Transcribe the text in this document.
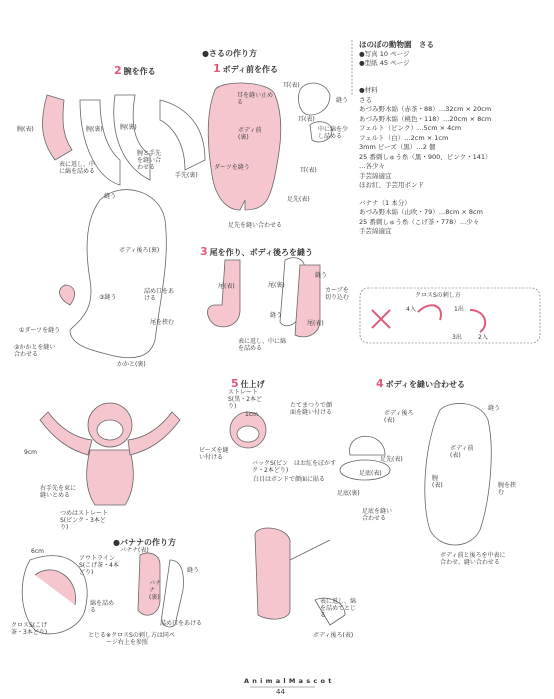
●さるの作り方
2 腕を作る	1 ボディ前を作る
3 尾を作り、ボディ後ろを縫う
4 ボディを縫い合わせる
5 仕上げ
ほのぼの動物園　さる
●写真 10 ページ
●型紙 45 ページ
●材料
さる
あづみ野木綿（赤茶・88）…32cm × 20cm
あづみ野木綿（桃色・118）…20cm × 8cm
フェルト（ピンク）…5cm × 4cm
フェルト（白）…2cm × 1cm
3mm ビーズ（黒）…2 個
25 番刺しゅう糸（黒・900、ピンク・141）
…各少々
手芸綿適宜
ほお紅、手芸用ボンド
バナナ（1 本分）
あづみ野木綿（山吹・79）…8cm × 8cm
25 番刺しゅう糸（こげ茶・778）…少々
手芸綿適宜
クロスSの刺し方
4入	1出
3出	2入
耳(表)
耳を縫い止める	縫う
耳(表)
中に綿を少し詰める
耳(表)
ボディ前(裏)
ダーツを縫う
足先(表)
足先を縫い合わせる
腕(表)	腕(裏)	腕(裏)
腕と手先を縫い合わせる
手先(裏)
縫う
表に返し、中に綿を詰める
ボディ後ろ(裏)
詰め口をあける
③縫う
尾を挟む
①ダーツを縫う
②かかとを縫い合わせる
かかと(裏)
尾(表)	尾(裏)
縫う
縫う
カーブを切り込む
尾(表)
表に返し、中に綿を詰める
ストレートS(黒・2本どり)	たてまつりで顔面を縫い付ける
1cm
ビーズを縫い付ける
バックS(ピンク・2本どり)
ほお紅をぼかす
白目はボンドで顔面に貼る
9cm
右手先を束に縫いとめる
つめはストレートS(ピンク・3本どり)
足底(表)
足先(表)
足底(裏)
足底を縫い合わせる
ボディ後ろ(表)
縫う
ボディ前(表)
腕(表)	腕を挟む
ボディ前と後ろを中表に合わせ、縫い合わせる
●バナナの作り方
6cm
アウトラインS(こげ茶・4本どり)
バナナ(表)
バナナ(裏)
縫う
綿を詰める
詰め口をあける
クロスS(こげ茶・3本どり)	とじる ※クロスSの刺し方は同ページ右上を参照
表に返し、綿を詰めてとじる
ボディ後ろ(表)
A n i m a l M a s c o t
44
